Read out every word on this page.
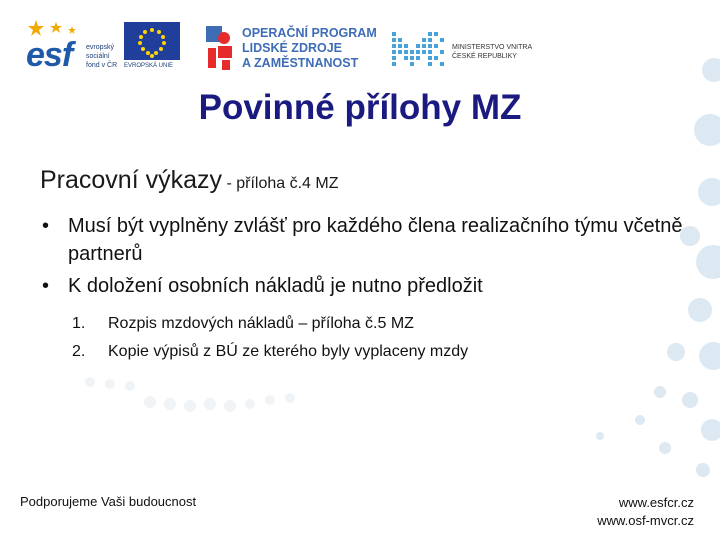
esf evropský
sociální
fond v ČR	EVROPSKÁ UNIE
OPERAČNÍ PROGRAM
LIDSKÉ ZDROJE
A ZAMĚSTNANOST
MINISTERSTVO VNITRA
ČESKÉ REPUBLIKY
Povinné přílohy MZ
Pracovní výkazy - příloha č.4 MZ
• Musí být vyplněny zvlášť pro každého člena realizačního týmu včetně partnerů
• K doložení osobních nákladů je nutno předložit
1. Rozpis mzdových nákladů – příloha č.5 MZ
2. Kopie výpisů z BÚ ze kterého byly vyplaceny mzdy
Podporujeme Vaši budoucnost	www.esfcr.cz
www.osf-mvcr.cz
